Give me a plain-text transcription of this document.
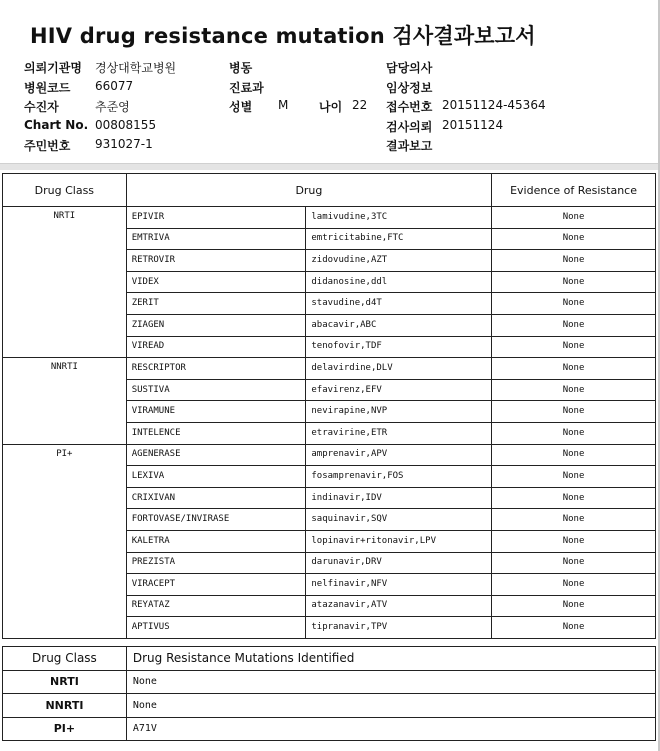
HIV drug resistance mutation 검사결과보고서
의뢰기관명 경상대학교병원
병원코드 66077
수진자	추준영
Chart No. 00808155
주민번호 931027-1
병동
진료과
성별 M	나이 22
담당의사
임상정보
접수번호 20151124-45364
검사의뢰 20151124
결과보고
Drug Class	Drug		Evidence of Resistance
NRTI	EPIVIR	lamivudine,3TC	None
	EMTRIVA	emtricitabine,FTC	None
	RETROVIR	zidovudine,AZT	None
	VIDEX	didanosine,ddl	None
	ZERIT	stavudine,d4T	None
	ZIAGEN	abacavir,ABC	None
	VIREAD	tenofovir,TDF	None
NNRTI	RESCRIPTOR	delavirdine,DLV	None
	SUSTIVA	efavirenz,EFV	None
	VIRAMUNE	nevirapine,NVP	None
	INTELENCE	etravirine,ETR	None
PI+	AGENERASE	amprenavir,APV	None
	LEXIVA	fosamprenavir,FOS	None
	CRIXIVAN	indinavir,IDV	None
	FORTOVASE/INVIRASE	saquinavir,SQV	None
	KALETRA	lopinavir+ritonavir,LPV	None
	PREZISTA	darunavir,DRV	None
	VIRACEPT	nelfinavir,NFV	None
	REYATAZ	atazanavir,ATV	None
	APTIVUS	tipranavir,TPV	None
Drug Class	Drug Resistance Mutations Identified
NRTI	None
NNRTI	None
PI+	A71V
